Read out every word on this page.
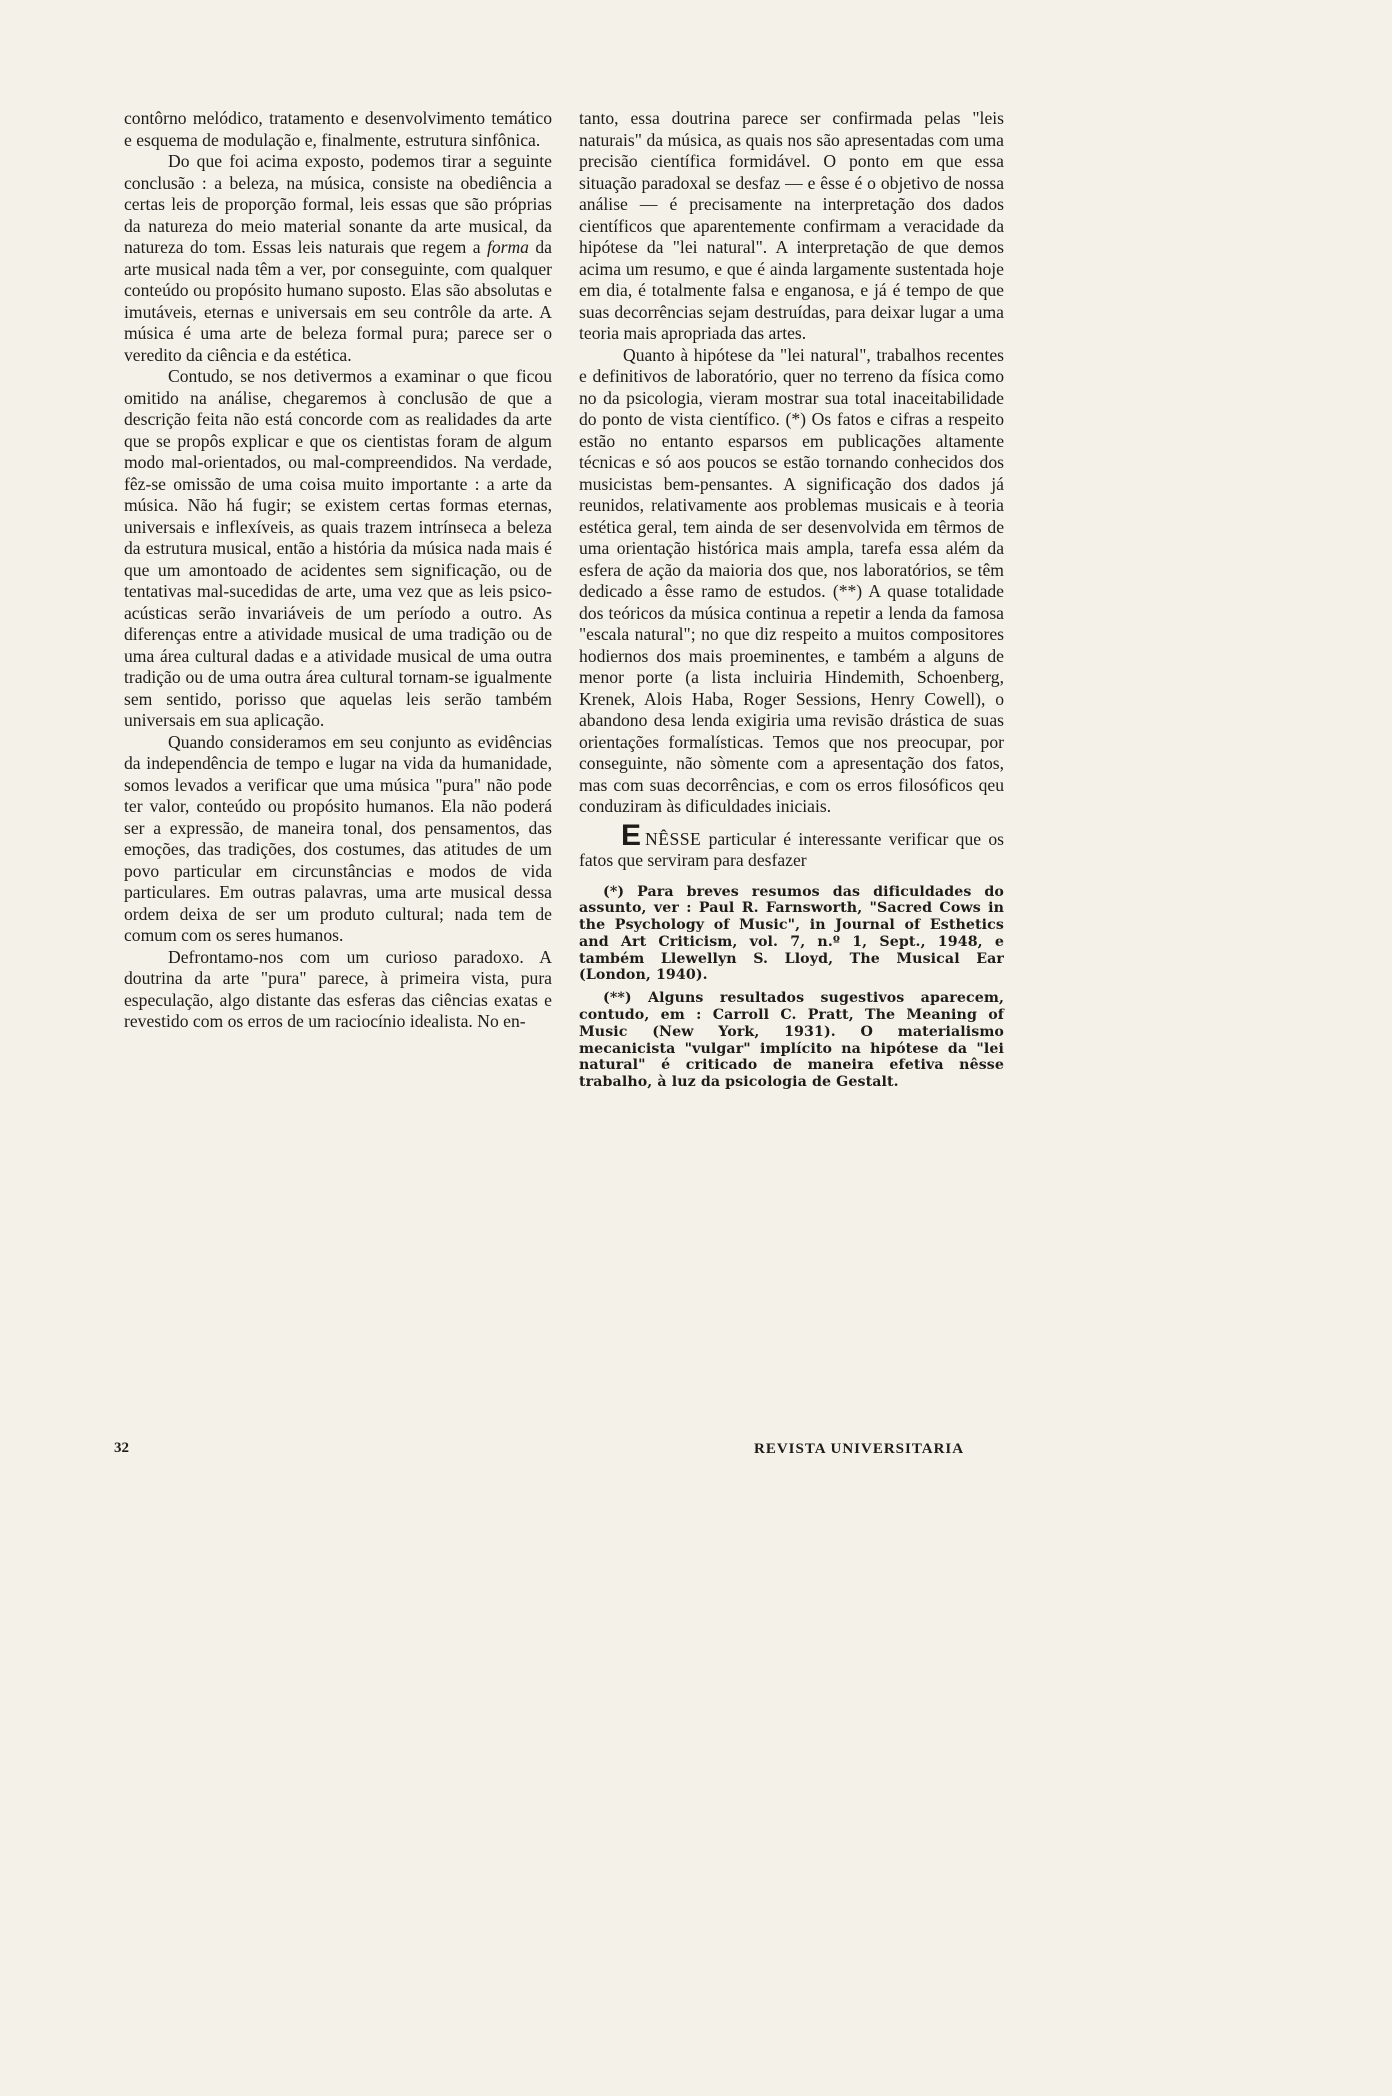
contôrno melódico, tratamento e desenvolvimento temático e esquema de modulação e, finalmente, estrutura sinfônica.

Do que foi acima exposto, podemos tirar a seguinte conclusão : a beleza, na música, consiste na obediência a certas leis de proporção formal, leis essas que são próprias da natureza do meio material sonante da arte musical, da natureza do tom. Essas leis naturais que regem a forma da arte musical nada têm a ver, por conseguinte, com qualquer conteúdo ou propósito humano suposto. Elas são absolutas e imutáveis, eternas e universais em seu contrôle da arte. A música é uma arte de beleza formal pura; parece ser o veredito da ciência e da estética.

Contudo, se nos detivermos a examinar o que ficou omitido na análise, chegaremos à conclusão de que a descrição feita não está concorde com as realidades da arte que se propôs explicar e que os cientistas foram de algum modo mal-orientados, ou mal-compreendidos. Na verdade, fêz-se omissão de uma coisa muito importante : a arte da música. Não há fugir; se existem certas formas eternas, universais e inflexíveis, as quais trazem intrínseca a beleza da estrutura musical, então a história da música nada mais é que um amontoado de acidentes sem significação, ou de tentativas mal-sucedidas de arte, uma vez que as leis psico-acústicas serão invariáveis de um período a outro. As diferenças entre a atividade musical de uma tradição ou de uma área cultural dadas e a atividade musical de uma outra tradição ou de uma outra área cultural tornam-se igualmente sem sentido, porisso que aquelas leis serão também universais em sua aplicação.

Quando consideramos em seu conjunto as evidências da independência de tempo e lugar na vida da humanidade, somos levados a verificar que uma música "pura" não pode ter valor, conteúdo ou propósito humanos. Ela não poderá ser a expressão, de maneira tonal, dos pensamentos, das emoções, das tradições, dos costumes, das atitudes de um povo particular em circunstâncias e modos de vida particulares. Em outras palavras, uma arte musical dessa ordem deixa de ser um produto cultural; nada tem de comum com os seres humanos.

Defrontamo-nos com um curioso paradoxo. A doutrina da arte "pura" parece, à primeira vista, pura especulação, algo distante das esferas das ciências exatas e revestido com os erros de um raciocínio idealista. No en-

tanto, essa doutrina parece ser confirmada pelas "leis naturais" da música, as quais nos são apresentadas com uma precisão científica formidável. O ponto em que essa situação paradoxal se desfaz — e êsse é o objetivo de nossa análise — é precisamente na interpretação dos dados científicos que aparentemente confirmam a veracidade da hipótese da "lei natural". A interpretação de que demos acima um resumo, e que é ainda largamente sustentada hoje em dia, é totalmente falsa e enganosa, e já é tempo de que suas decorrências sejam destruídas, para deixar lugar a uma teoria mais apropriada das artes.

Quanto à hipótese da "lei natural", trabalhos recentes e definitivos de laboratório, quer no terreno da física como no da psicologia, vieram mostrar sua total inaceitabilidade do ponto de vista científico. (*) Os fatos e cifras a respeito estão no entanto esparsos em publicações altamente técnicas e só aos poucos se estão tornando conhecidos dos musicistas bem-pensantes. A significação dos dados já reunidos, relativamente aos problemas musicais e à teoria estética geral, tem ainda de ser desenvolvida em têrmos de uma orientação histórica mais ampla, tarefa essa além da esfera de ação da maioria dos que, nos laboratórios, se têm dedicado a êsse ramo de estudos. (**) A quase totalidade dos teóricos da música continua a repetir a lenda da famosa "escala natural"; no que diz respeito a muitos compositores hodiernos dos mais proeminentes, e também a alguns de menor porte (a lista incluiria Hindemith, Schoenberg, Krenek, Alois Haba, Roger Sessions, Henry Cowell), o abandono desa lenda exigiria uma revisão drástica de suas orientações formalísticas. Temos que nos preocupar, por conseguinte, não sòmente com a apresentação dos fatos, mas com suas decorrências, e com os erros filosóficos qeu conduziram às dificuldades iniciais.

ENÊSSE particular é interessante verificar que os fatos que serviram para desfazer

(*) Para breves resumos das dificuldades do assunto, ver : Paul R. Farnsworth, "Sacred Cows in the Psychology of Music", in Journal of Esthetics and Art Criticism, vol. 7, n.º 1, Sept., 1948, e também Llewellyn S. Lloyd, The Musical Ear (London, 1940).

(**) Alguns resultados sugestivos aparecem, contudo, em : Carroll C. Pratt, The Meaning of Music (New York, 1931). O materialismo mecanicista "vulgar" implícito na hipótese da "lei natural" é criticado de maneira efetiva nêsse trabalho, à luz da psicologia de Gestalt.

32	REVISTA UNIVERSITARIA
